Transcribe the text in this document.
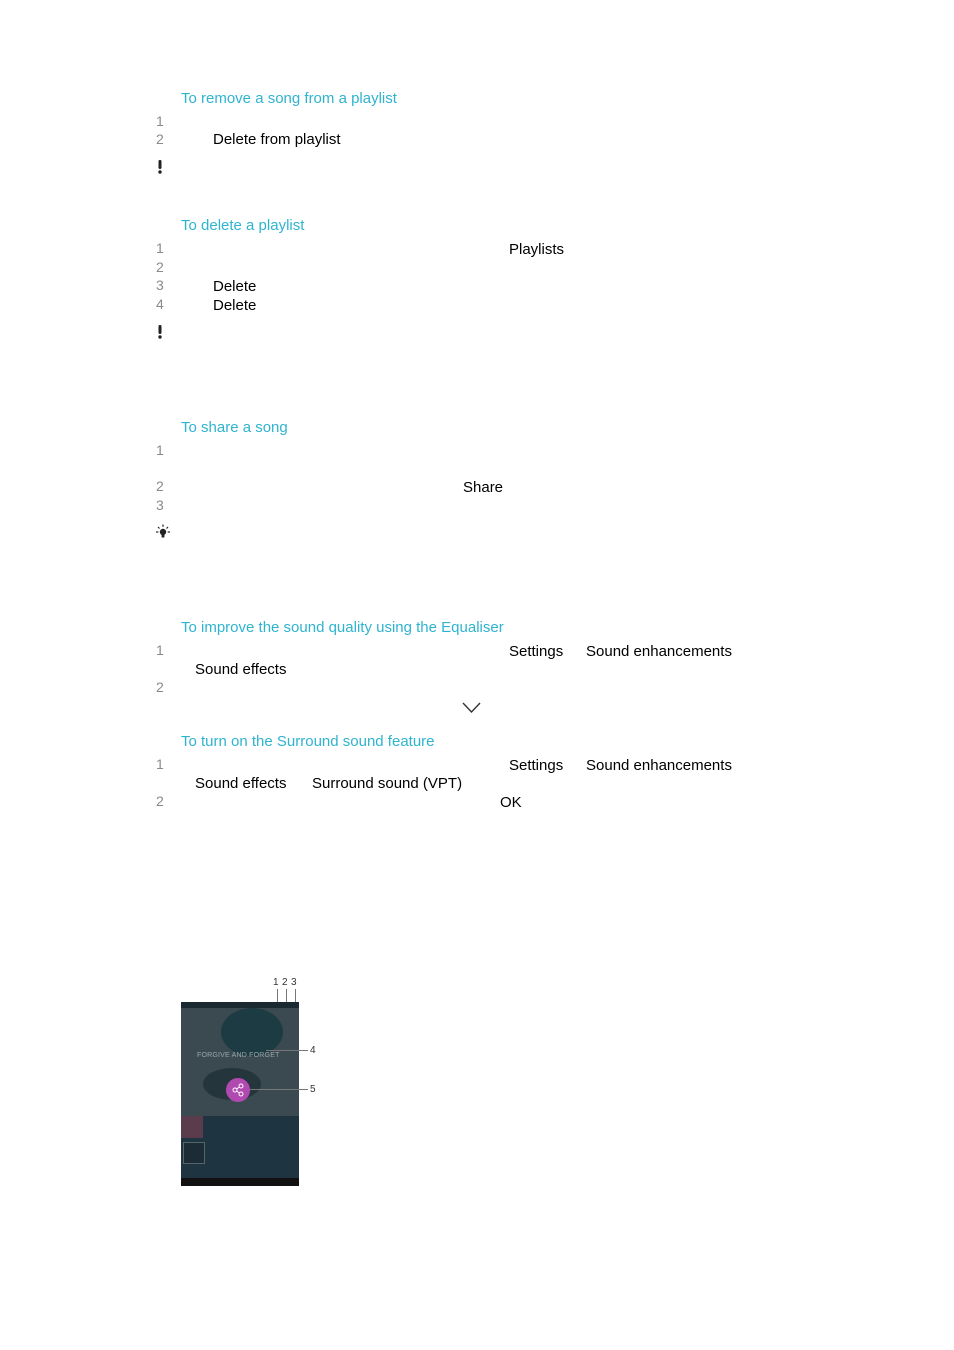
To remove a song from a playlist
1
2	Delete from playlist
To delete a playlist
1	Playlists
2
3	Delete
4	Delete
To share a song
1
2	Share
3
To improve the sound quality using the Equaliser
1	Settings Sound enhancements
Sound effects
2
To turn on the Surround sound feature
1	Settings Sound enhancements
Sound effects Surround sound (VPT)
2	OK
1 2 3
FORGIVE AND FORGET	4
5
